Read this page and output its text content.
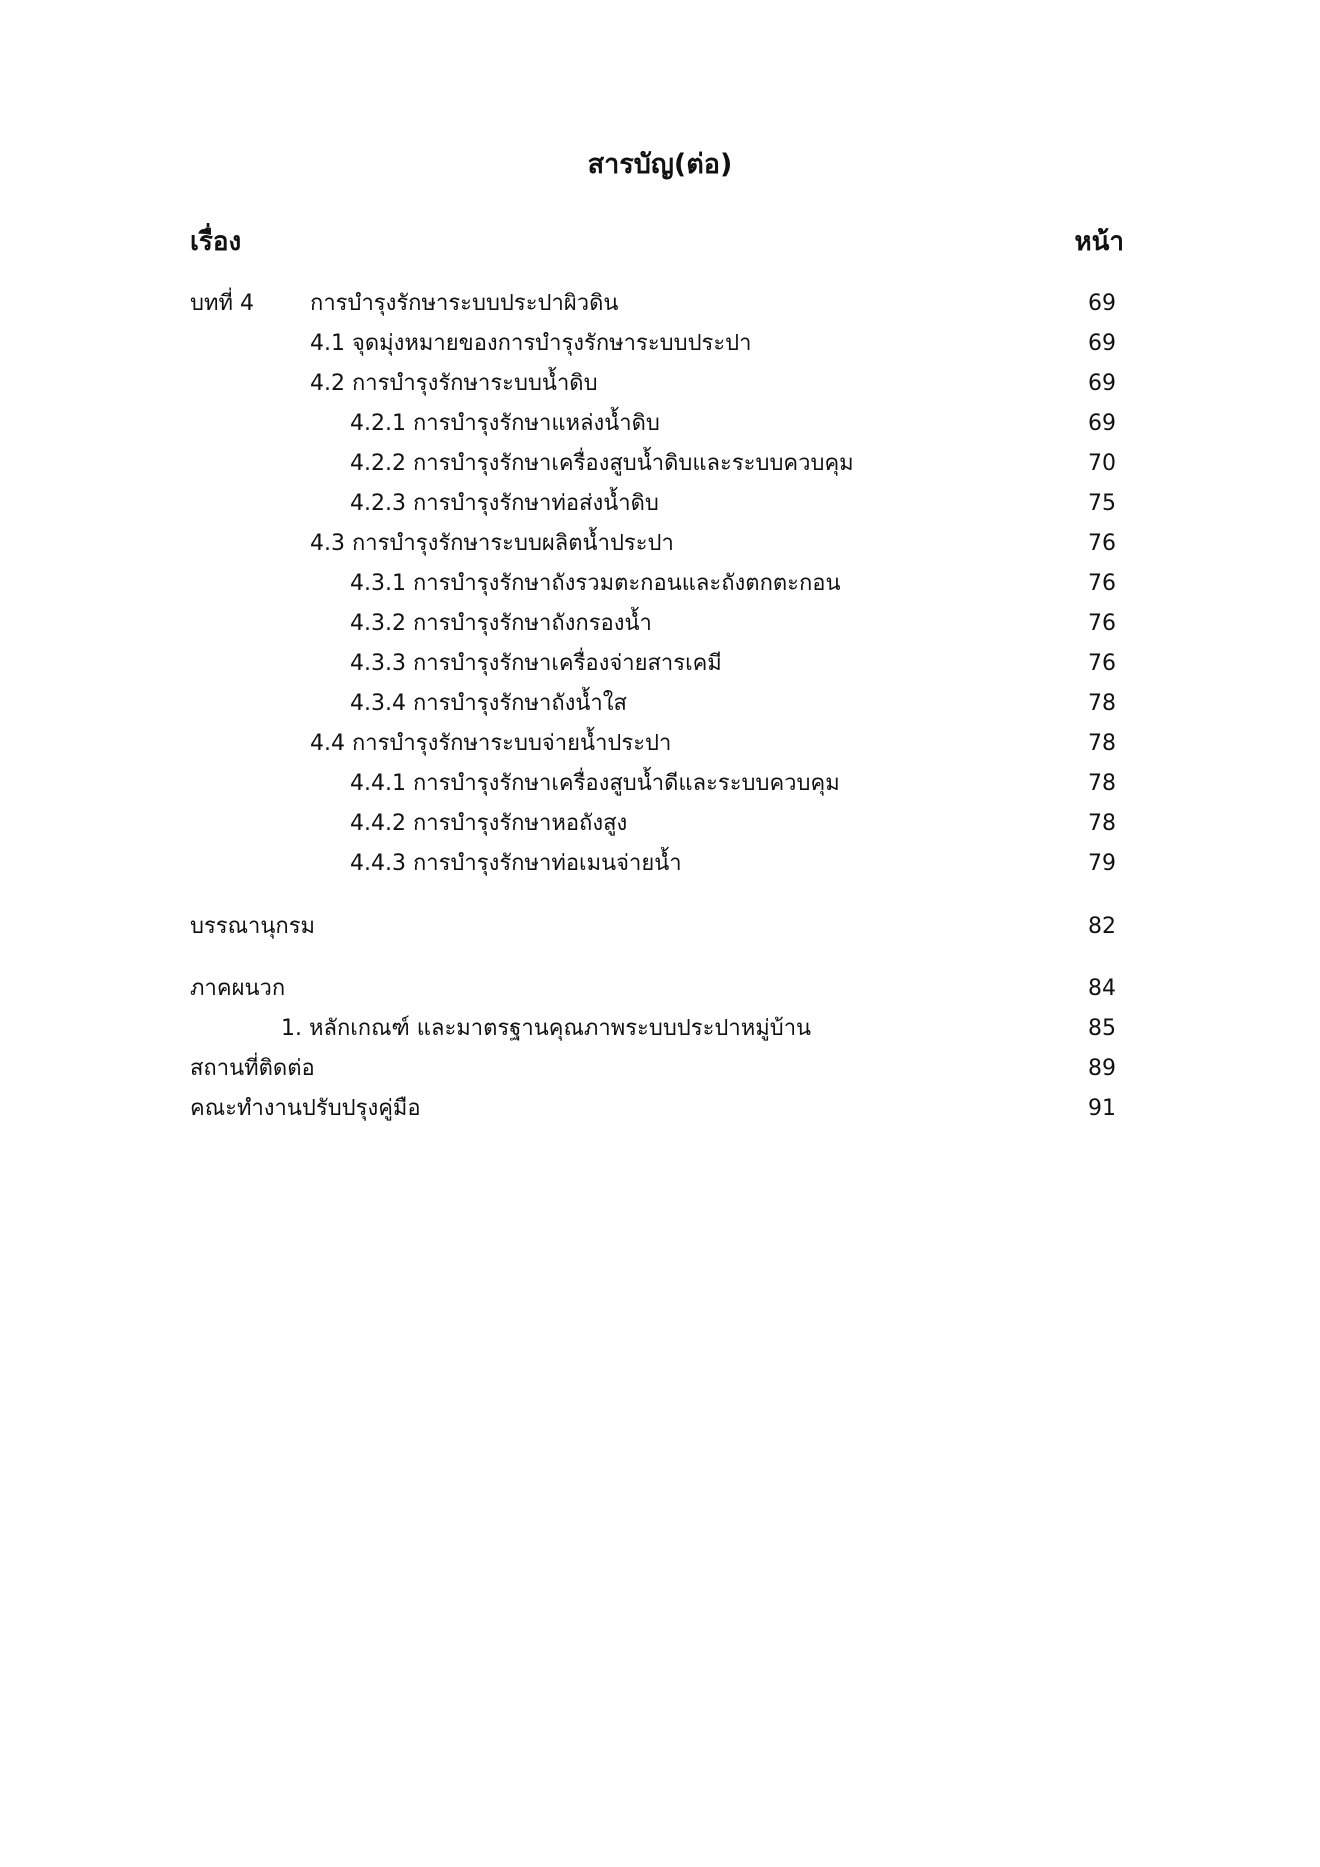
สารบัญ(ต่อ)
เรื่อง	หน้า
บทที่ 4	การบำรุงรักษาระบบประปาผิวดิน	69
4.1 จุดมุ่งหมายของการบำรุงรักษาระบบประปา	69
4.2 การบำรุงรักษาระบบน้ำดิบ	69
4.2.1 การบำรุงรักษาแหล่งน้ำดิบ	69
4.2.2 การบำรุงรักษาเครื่องสูบน้ำดิบและระบบควบคุม	70
4.2.3 การบำรุงรักษาท่อส่งน้ำดิบ	75
4.3 การบำรุงรักษาระบบผลิตน้ำประปา	76
4.3.1 การบำรุงรักษาถังรวมตะกอนและถังตกตะกอน	76
4.3.2 การบำรุงรักษาถังกรองน้ำ	76
4.3.3 การบำรุงรักษาเครื่องจ่ายสารเคมี	76
4.3.4 การบำรุงรักษาถังน้ำใส	78
4.4 การบำรุงรักษาระบบจ่ายน้ำประปา	78
4.4.1 การบำรุงรักษาเครื่องสูบน้ำดีและระบบควบคุม	78
4.4.2 การบำรุงรักษาหอถังสูง	78
4.4.3 การบำรุงรักษาท่อเมนจ่ายน้ำ	79
บรรณานุกรม	82
ภาคผนวก	84
1. หลักเกณฑ์ และมาตรฐานคุณภาพระบบประปาหมู่บ้าน	85
สถานที่ติดต่อ	89
คณะทำงานปรับปรุงคู่มือ	91
